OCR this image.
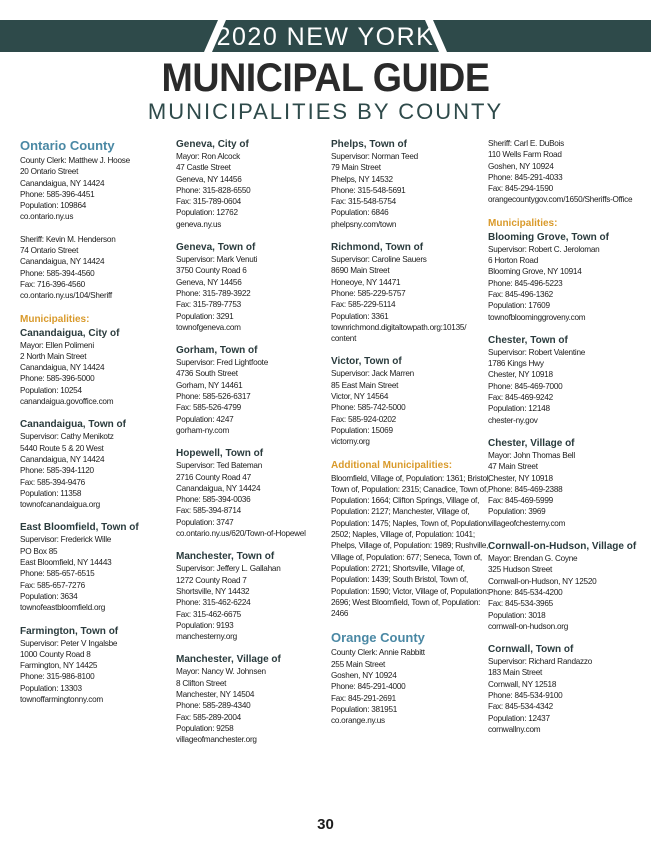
2020 NEW YORK
MUNICIPAL GUIDE
MUNICIPALITIES BY COUNTY
Ontario County
County Clerk: Matthew J. Hoose
20 Ontario Street
Canandaigua, NY 14424
Phone: 585-396-4451
Population: 109864
co.ontario.ny.us
Sheriff: Kevin M. Henderson
74 Ontario Street
Canandaigua, NY 14424
Phone: 585-394-4560
Fax: 716-396-4560
co.ontario.ny.us/104/Sheriff
Municipalities:
Canandaigua, City of
Mayor: Ellen Polimeni
2 North Main Street
Canandaigua, NY 14424
Phone: 585-396-5000
Population: 10254
canandaigua.govoffice.com
Canandaigua, Town of
Supervisor: Cathy Menikotz
5440 Route 5 & 20 West
Canandaigua, NY 14424
Phone: 585-394-1120
Fax: 585-394-9476
Population: 11358
townofcanandaigua.org
East Bloomfield, Town of
Supervisor: Frederick Wille
PO Box 85
East Bloomfield, NY 14443
Phone: 585-657-6515
Fax: 585-657-7276
Population: 3634
townofeastbloomfield.org
Farmington, Town of
Supervisor: Peter V Ingalsbe
1000 County Road 8
Farmington, NY 14425
Phone: 315-986-8100
Population: 13303
townoffarmingtonny.com
Geneva, City of
Mayor: Ron Alcock
47 Castle Street
Geneva, NY 14456
Phone: 315-828-6550
Fax: 315-789-0604
Population: 12762
geneva.ny.us
Geneva, Town of
Supervisor: Mark Venuti
3750 County Road 6
Geneva, NY 14456
Phone: 315-789-3922
Fax: 315-789-7753
Population: 3291
townofgeneva.com
Gorham, Town of
Supervisor: Fred Lightfoote
4736 South Street
Gorham, NY 14461
Phone: 585-526-6317
Fax: 585-526-4799
Population: 4247
gorham-ny.com
Hopewell, Town of
Supervisor: Ted Bateman
2716 County Road 47
Canandaigua, NY 14424
Phone: 585-394-0036
Fax: 585-394-8714
Population: 3747
co.ontario.ny.us/620/Town-of-Hopewel
Manchester, Town of
Supervisor: Jeffery L. Gallahan
1272 County Road 7
Shortsville, NY 14432
Phone: 315-462-6224
Fax: 315-462-6675
Population: 9193
manchesterny.org
Manchester, Village of
Mayor: Nancy W. Johnsen
8 Clifton Street
Manchester, NY 14504
Phone: 585-289-4340
Fax: 585-289-2004
Population: 9258
villageofmanchester.org
Phelps, Town of
Supervisor: Norman Teed
79 Main Street
Phelps, NY 14532
Phone: 315-548-5691
Fax: 315-548-5754
Population: 6846
phelpsny.com/town
Richmond, Town of
Supervisor: Caroline Sauers
8690 Main Street
Honeoye, NY 14471
Phone: 585-229-5757
Fax: 585-229-5114
Population: 3361
townrichmond.digitaltowpath.org:10135/
content
Victor, Town of
Supervisor: Jack Marren
85 East Main Street
Victor, NY 14564
Phone: 585-742-5000
Fax: 585-924-0202
Population: 15069
victorny.org
Additional Municipalities:
Bloomfield, Village of, Population: 1361; Bristol, Town of, Population: 2315; Canadice, Town of, Population: 1664; Clifton Springs, Village of, Population: 2127; Manchester, Village of, Population: 1475; Naples, Town of, Population: 2502; Naples, Village of, Population: 1041; Phelps, Village of, Population: 1989; Rushville, Village of, Population: 677; Seneca, Town of, Population: 2721; Shortsville, Village of, Population: 1439; South Bristol, Town of, Population: 1590; Victor, Village of, Population: 2696; West Bloomfield, Town of, Population: 2466
Orange County
County Clerk: Annie Rabbitt
255 Main Street
Goshen, NY 10924
Phone: 845-291-4000
Fax: 845-291-2691
Population: 381951
co.orange.ny.us
Sheriff: Carl E. DuBois
110 Wells Farm Road
Goshen, NY 10924
Phone: 845-291-4033
Fax: 845-294-1590
orangecountygov.com/1650/Sheriffs-Office
Municipalities:
Blooming Grove, Town of
Supervisor: Robert C. Jeroloman
6 Horton Road
Blooming Grove, NY 10914
Phone: 845-496-5223
Fax: 845-496-1362
Population: 17609
townofbloominggroveny.com
Chester, Town of
Supervisor: Robert Valentine
1786 Kings Hwy
Chester, NY 10918
Phone: 845-469-7000
Fax: 845-469-9242
Population: 12148
chester-ny.gov
Chester, Village of
Mayor: John Thomas Bell
47 Main Street
Chester, NY 10918
Phone: 845-469-2388
Fax: 845-469-5999
Population: 3969
villageofchesterny.com
Cornwall-on-Hudson, Village of
Mayor: Brendan G. Coyne
325 Hudson Street
Cornwall-on-Hudson, NY 12520
Phone: 845-534-4200
Fax: 845-534-3965
Population: 3018
cornwall-on-hudson.org
Cornwall, Town of
Supervisor: Richard Randazzo
183 Main Street
Cornwall, NY 12518
Phone: 845-534-9100
Fax: 845-534-4342
Population: 12437
cornwallny.com
30
